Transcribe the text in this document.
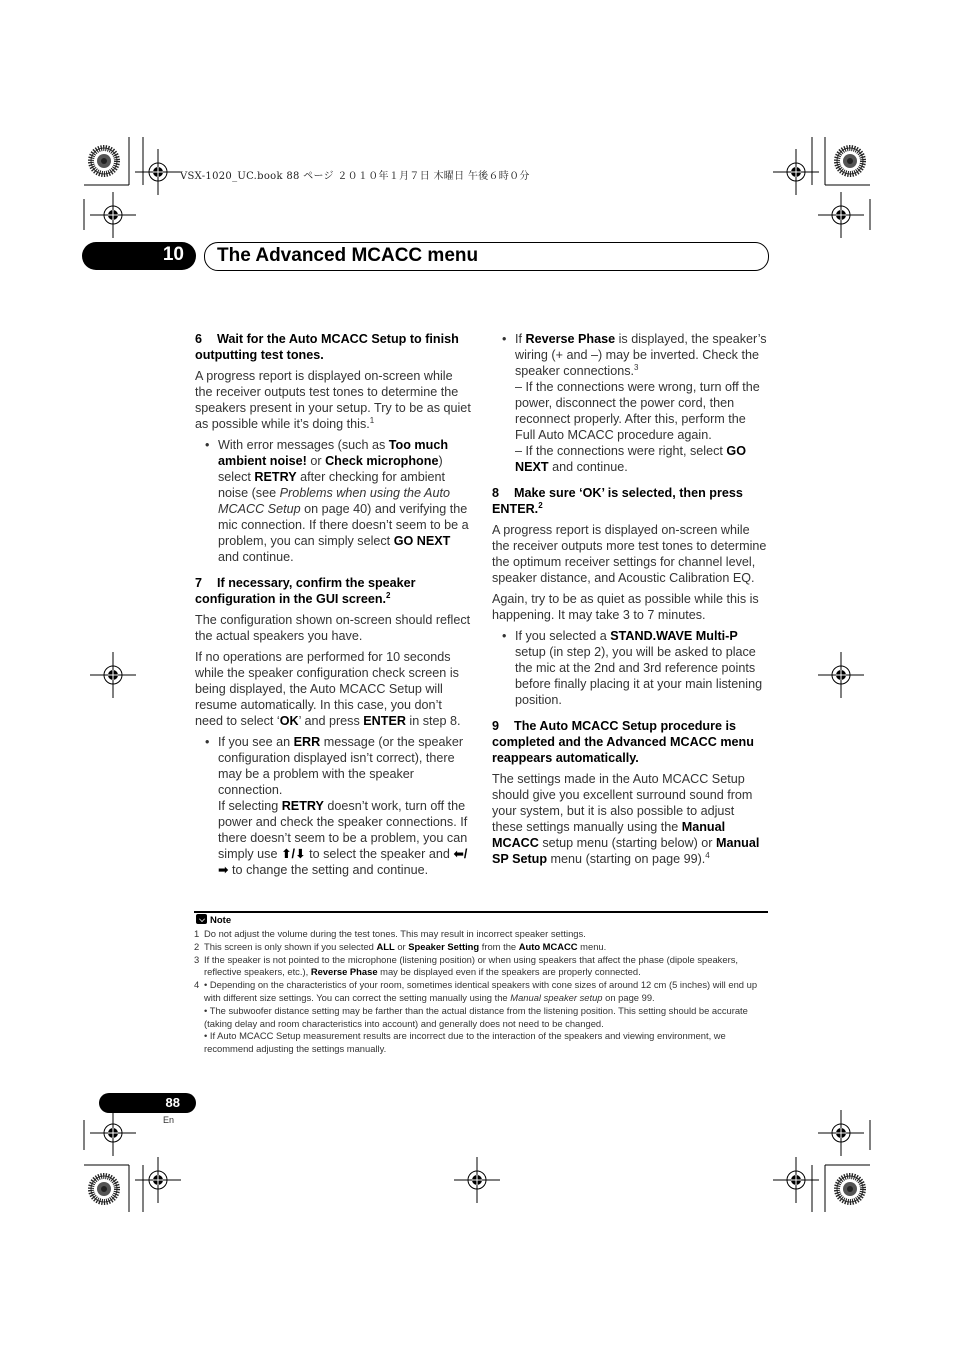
VSX-1020_UC.book 88 ページ ２０１０年１月７日 木曜日 午後６時０分
10 The Advanced MCACC menu

6 Wait for the Auto MCACC Setup to finish outputting test tones.

A progress report is displayed on-screen while the receiver outputs test tones to determine the speakers present in your setup. Try to be as quiet as possible while it’s doing this.$^1$

• With error messages (such as Too much ambient noise! or Check microphone) select RETRY after checking for ambient noise (see Problems when using the Auto MCACC Setup on page 40) and verifying the mic connection. If there doesn’t seem to be a problem, you can simply select GO NEXT and continue.

7 If necessary, confirm the speaker configuration in the GUI screen.$^2$

The configuration shown on-screen should reflect the actual speakers you have.

If no operations are performed for 10 seconds while the speaker configuration check screen is being displayed, the Auto MCACC Setup will resume automatically. In this case, you don’t need to select ‘OK’ and press ENTER in step 8.

• If you see an ERR message (or the speaker configuration displayed isn’t correct), there may be a problem with the speaker connection.
If selecting RETRY doesn’t work, turn off the power and check the speaker connections. If there doesn’t seem to be a problem, you can simply use ⬆/⬇ to select the speaker and ⬅/➡ to change the setting and continue.
• If Reverse Phase is displayed, the speaker’s wiring (+ and –) may be inverted. Check the speaker connections.$^3$
– If the connections were wrong, turn off the power, disconnect the power cord, then reconnect properly. After this, perform the Full Auto MCACC procedure again.
– If the connections were right, select GO NEXT and continue.

8 Make sure ‘OK’ is selected, then press ENTER.$^2$

A progress report is displayed on-screen while the receiver outputs more test tones to determine the optimum receiver settings for channel level, speaker distance, and Acoustic Calibration EQ.

Again, try to be as quiet as possible while this is happening. It may take 3 to 7 minutes.

• If you selected a STAND.WAVE Multi-P setup (in step 2), you will be asked to place the mic at the 2nd and 3rd reference points before finally placing it at your main listening position.

9 The Auto MCACC Setup procedure is completed and the Advanced MCACC menu reappears automatically.

The settings made in the Auto MCACC Setup should give you excellent surround sound from your system, but it is also possible to adjust these settings manually using the Manual MCACC setup menu (starting below) or Manual SP Setup menu (starting on page 99).$^4$

Note

1 Do not adjust the volume during the test tones. This may result in incorrect speaker settings.

2 This screen is only shown if you selected ALL or Speaker Setting from the Auto MCACC menu.

3 If the speaker is not pointed to the microphone (listening position) or when using speakers that affect the phase (dipole speakers, reflective speakers, etc.), Reverse Phase may be displayed even if the speakers are properly connected.

4 • Depending on the characteristics of your room, sometimes identical speakers with cone sizes of around 12 cm (5 inches) will end up with different size settings. You can correct the setting manually using the Manual speaker setup on page 99.
• The subwoofer distance setting may be farther than the actual distance from the listening position. This setting should be accurate (taking delay and room characteristics into account) and generally does not need to be changed.
• If Auto MCACC Setup measurement results are incorrect due to the interaction of the speakers and viewing environment, we recommend adjusting the settings manually.

88
En
